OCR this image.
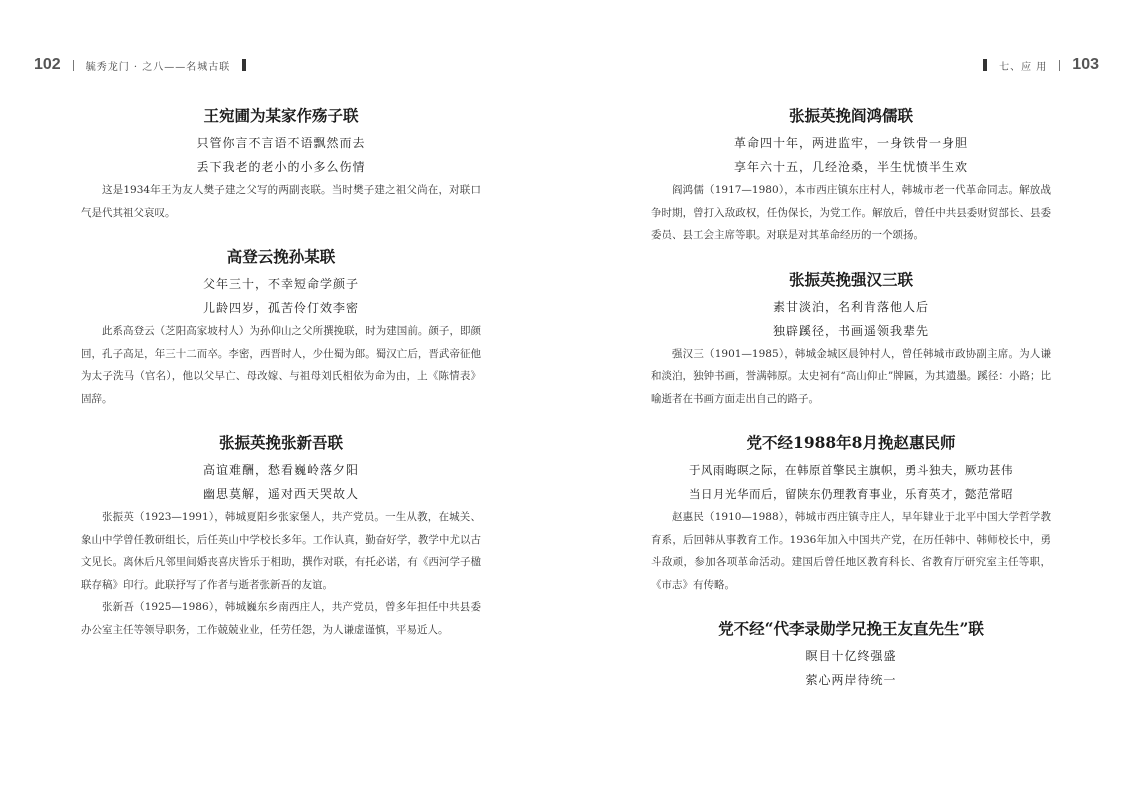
102	毓秀龙门 · 之八——名城古联
王宛圃为某家作殇子联
只管你言不言语不语飘然而去
丢下我老的老小的小多么伤情

这是1934年王为友人樊子建之父写的两副丧联。当时樊子建之祖父尚在，对联口气是代其祖父哀叹。

高登云挽孙某联
父年三十，不幸短命学颜子
儿龄四岁，孤苦伶仃效李密

此系高登云（芝阳高家坡村人）为孙仰山之父所撰挽联，时为建国前。颜子，即颜回，孔子高足，年三十二而卒。李密，西晋时人，少仕蜀为郎。蜀汉亡后，晋武帝征他为太子洗马（官名），他以父早亡、母改嫁、与祖母刘氏相依为命为由，上《陈情表》固辞。

张振英挽张新吾联
高谊难酬，愁看巍岭落夕阳
幽思莫解，遥对西天哭故人

张振英（1923—1991），韩城夏阳乡张家堡人，共产党员。一生从教，在城关、象山中学曾任教研组长，后任英山中学校长多年。工作认真，勤奋好学，教学中尤以古文见长。离休后凡邻里间婚丧喜庆皆乐于相助，撰作对联，有托必诺，有《西河学子楹联存稿》印行。此联抒写了作者与逝者张新吾的友谊。

张新吾（1925—1986），韩城巍东乡南西庄人，共产党员，曾多年担任中共县委办公室主任等领导职务，工作兢兢业业，任劳任怨，为人谦虚谨慎，平易近人。

七、应 用 103
张振英挽阎鸿儒联
革命四十年，两进监牢，一身铁骨一身胆
享年六十五，几经沧桑，半生忧愤半生欢

阎鸿儒（1917—1980），本市西庄镇东庄村人，韩城市老一代革命同志。解放战争时期，曾打入敌政权，任伪保长，为党工作。解放后，曾任中共县委财贸部长、县委委员、县工会主席等职。对联是对其革命经历的一个颂扬。

张振英挽强汉三联
素甘淡泊，名利肯落他人后
独辟蹊径，书画遥领我辈先

强汉三（1901—1985），韩城金城区晨钟村人，曾任韩城市政协副主席。为人谦和淡泊，独钟书画，誉满韩原。太史祠有“高山仰止”牌匾，为其遗墨。蹊径：小路；比喻逝者在书画方面走出自己的路子。

党不经1988年8月挽赵惠民师
于风雨晦暝之际，在韩原首擎民主旗帜，勇斗独夫，厥功甚伟
当日月光华而后，留陕东仍理教育事业，乐育英才，懿范常昭

赵惠民（1910—1988），韩城市西庄镇寺庄人，早年肄业于北平中国大学哲学教育系，后回韩从事教育工作。1936年加入中国共产党，在历任韩中、韩师校长中，勇斗敌顽，参加各项革命活动。建国后曾任地区教育科长、省教育厅研究室主任等职，《市志》有传略。

党不经“代李录勋学兄挽王友直先生”联
瞑目十亿终强盛
萦心两岸待统一
